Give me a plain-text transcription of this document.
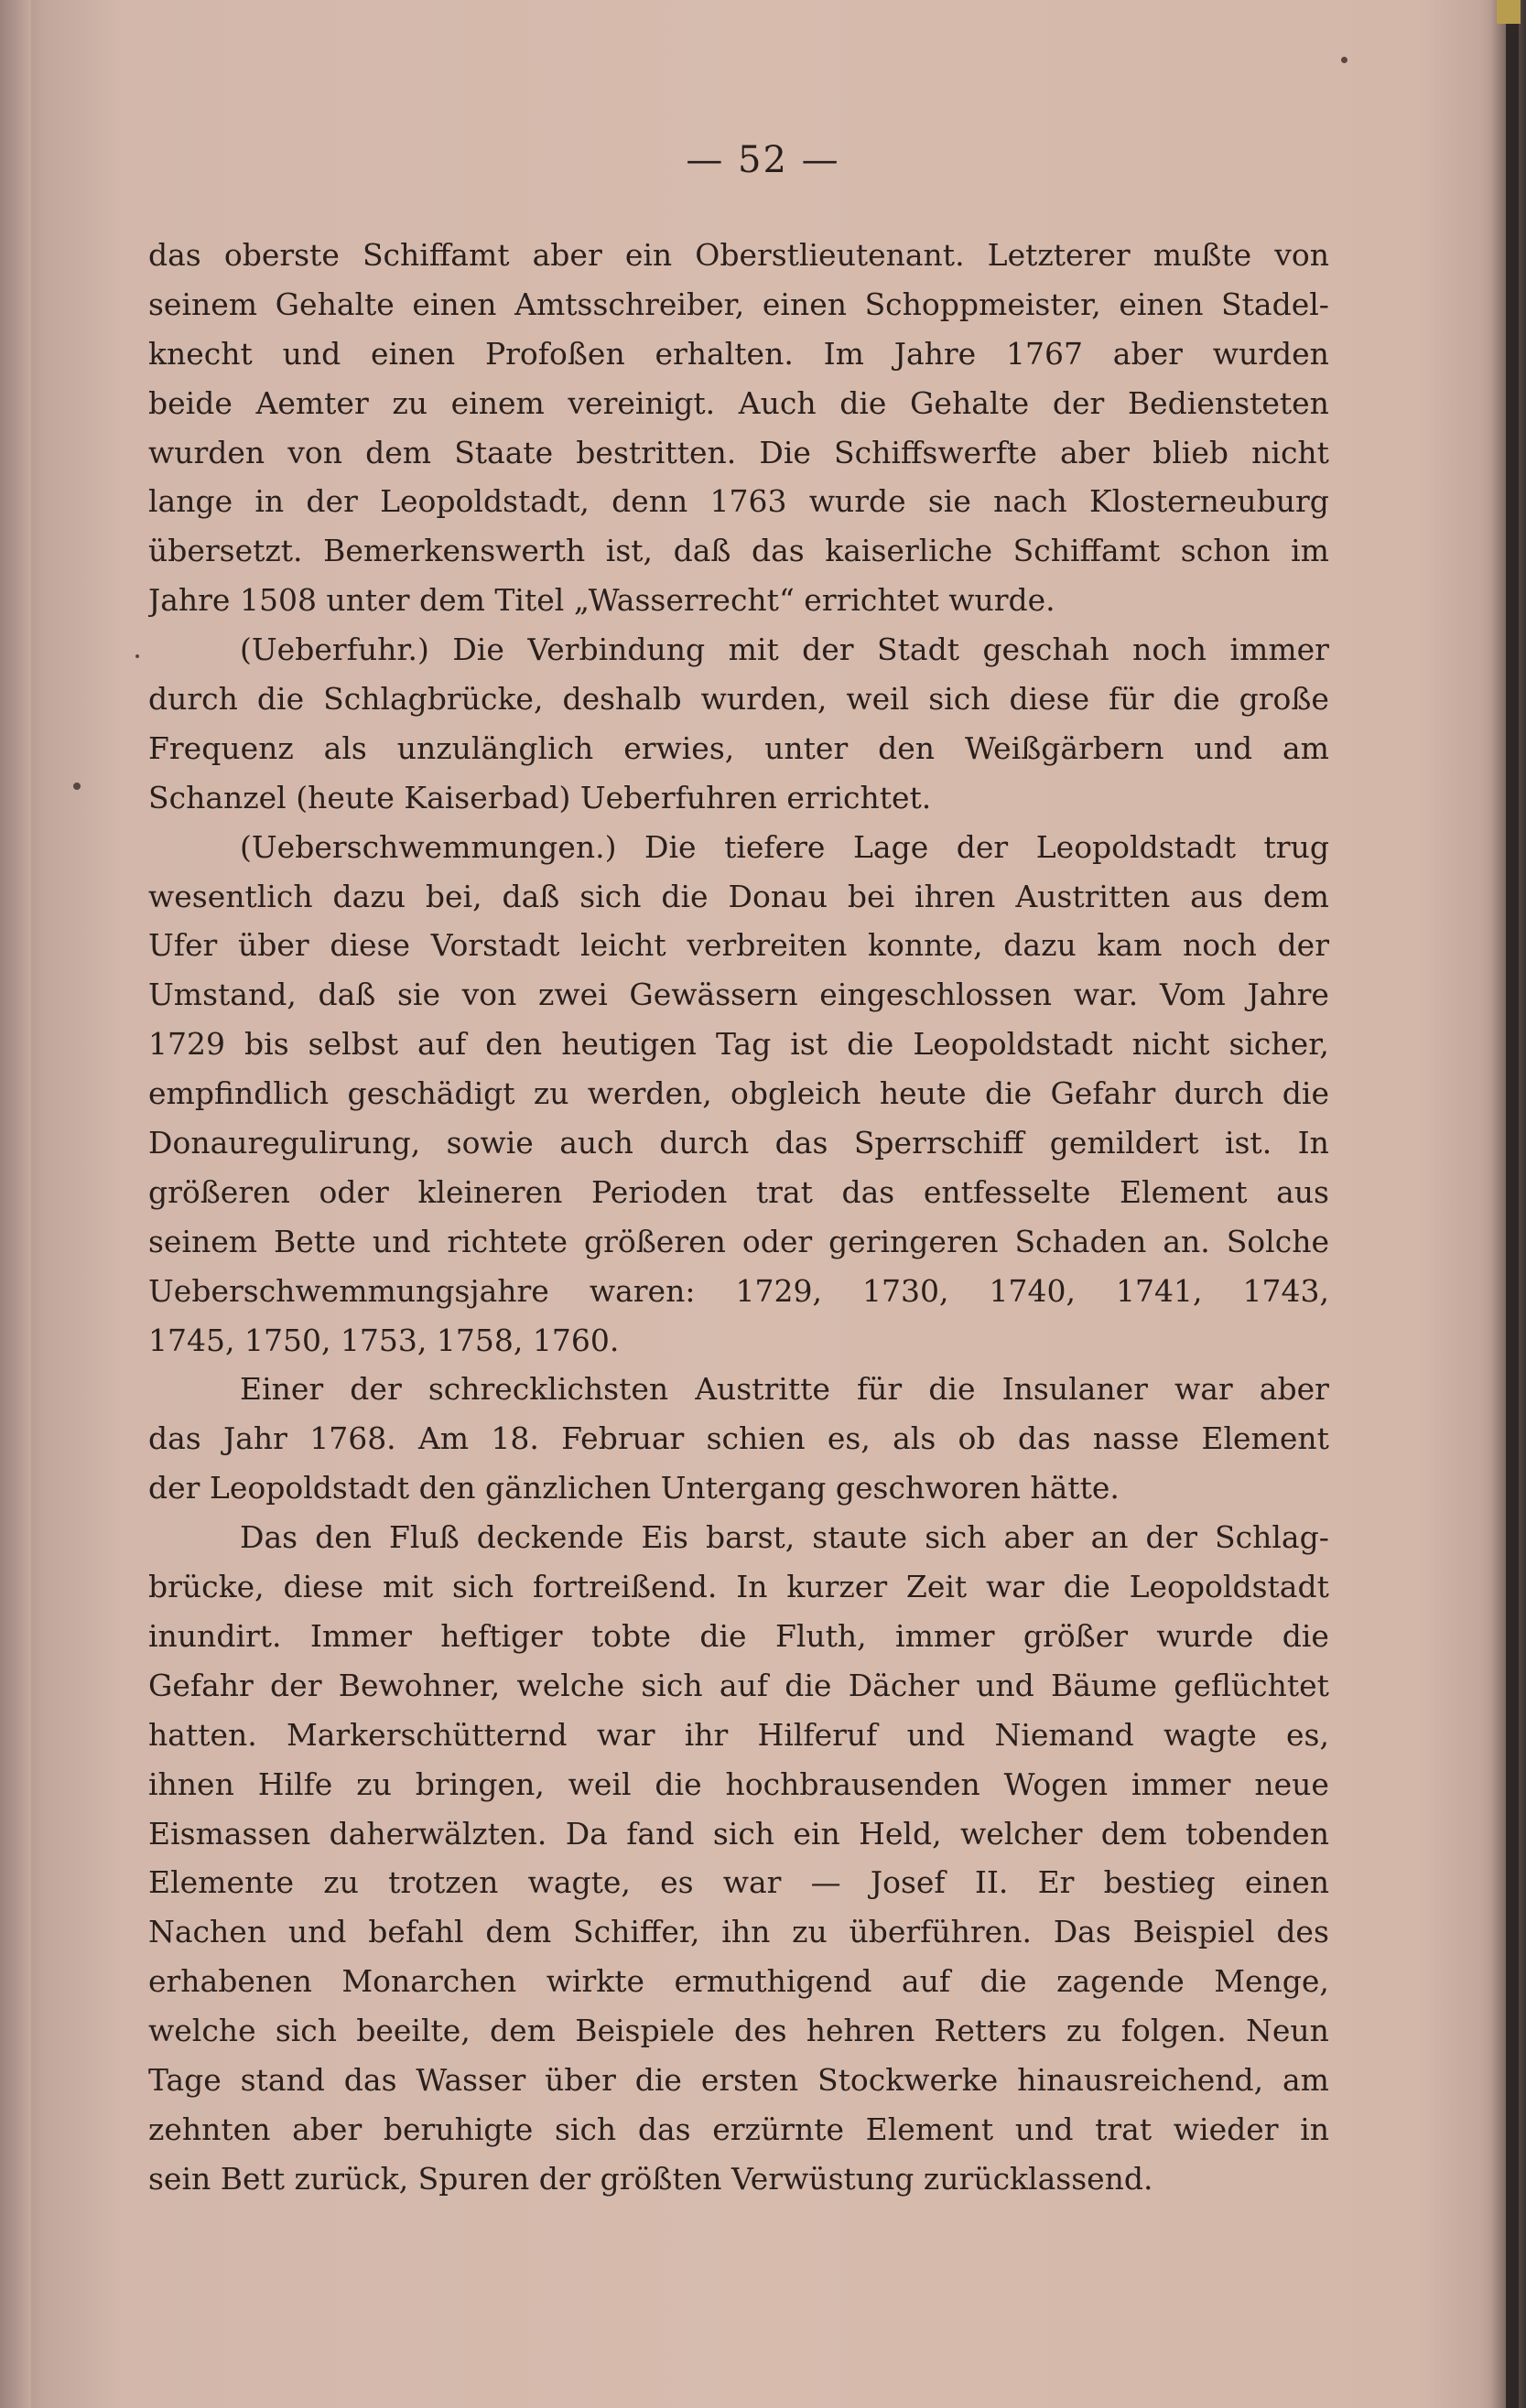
— 52 —
das oberste Schiffamt aber ein Oberstlieutenant. Letzterer mußte von
seinem Gehalte einen Amtsschreiber, einen Schoppmeister, einen Stadel-
knecht und einen Profoßen erhalten. Im Jahre 1767 aber wurden
beide Aemter zu einem vereinigt. Auch die Gehalte der Bediensteten
wurden von dem Staate bestritten. Die Schiffswerfte aber blieb nicht
lange in der Leopoldstadt, denn 1763 wurde sie nach Klosterneuburg
übersetzt. Bemerkenswerth ist, daß das kaiserliche Schiffamt schon im
Jahre 1508 unter dem Titel „Wasserrecht“ errichtet wurde.
(Ueberfuhr.) Die Verbindung mit der Stadt geschah noch immer
durch die Schlagbrücke, deshalb wurden, weil sich diese für die große
Frequenz als unzulänglich erwies, unter den Weißgärbern und am
Schanzel (heute Kaiserbad) Ueberfuhren errichtet.
(Ueberschwemmungen.) Die tiefere Lage der Leopoldstadt trug
wesentlich dazu bei, daß sich die Donau bei ihren Austritten aus dem
Ufer über diese Vorstadt leicht verbreiten konnte, dazu kam noch der
Umstand, daß sie von zwei Gewässern eingeschlossen war. Vom Jahre
1729 bis selbst auf den heutigen Tag ist die Leopoldstadt nicht sicher,
empfindlich geschädigt zu werden, obgleich heute die Gefahr durch die
Donauregulirung, sowie auch durch das Sperrschiff gemildert ist. In
größeren oder kleineren Perioden trat das entfesselte Element aus
seinem Bette und richtete größeren oder geringeren Schaden an. Solche
Ueberschwemmungsjahre waren: 1729, 1730, 1740, 1741, 1743,
1745, 1750, 1753, 1758, 1760.
Einer der schrecklichsten Austritte für die Insulaner war aber
das Jahr 1768. Am 18. Februar schien es, als ob das nasse Element
der Leopoldstadt den gänzlichen Untergang geschworen hätte.
Das den Fluß deckende Eis barst, staute sich aber an der Schlag-
brücke, diese mit sich fortreißend. In kurzer Zeit war die Leopoldstadt
inundirt. Immer heftiger tobte die Fluth, immer größer wurde die
Gefahr der Bewohner, welche sich auf die Dächer und Bäume geflüchtet
hatten. Markerschütternd war ihr Hilferuf und Niemand wagte es,
ihnen Hilfe zu bringen, weil die hochbrausenden Wogen immer neue
Eismassen daherwälzten. Da fand sich ein Held, welcher dem tobenden
Elemente zu trotzen wagte, es war — Josef II. Er bestieg einen
Nachen und befahl dem Schiffer, ihn zu überführen. Das Beispiel des
erhabenen Monarchen wirkte ermuthigend auf die zagende Menge,
welche sich beeilte, dem Beispiele des hehren Retters zu folgen. Neun
Tage stand das Wasser über die ersten Stockwerke hinausreichend, am
zehnten aber beruhigte sich das erzürnte Element und trat wieder in
sein Bett zurück, Spuren der größten Verwüstung zurücklassend.
